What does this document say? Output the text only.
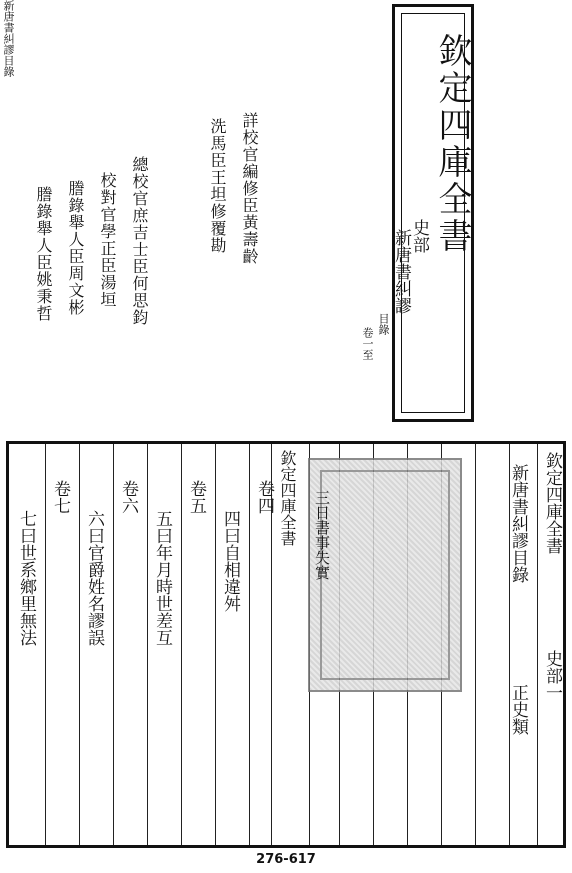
欽定四庫全書
史部
新唐書糾謬
目錄
卷一至
詳校官編修臣黃壽齡
洗馬臣王坦修覆勘
總校官庶吉士臣何思鈞
校對官學正臣湯垣
謄錄舉人臣周文彬
謄錄舉人臣姚秉哲
欽定四庫全書
史部一
正史類
新唐書糾謬目錄
欽定四庫全書
新唐書糾謬
目錄
三日書事失實
卷四
四曰自相違舛
卷五
五曰年月時世差互
卷六
六曰官爵姓名謬誤
卷七
七曰世系鄉里無法
276-617
